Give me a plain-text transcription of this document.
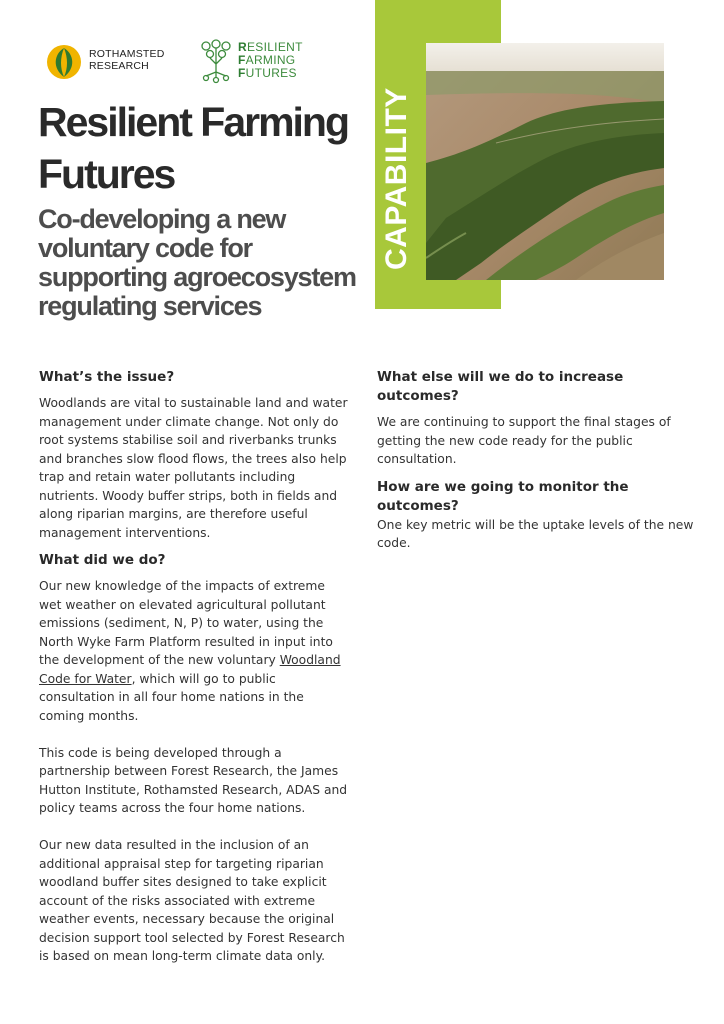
ROTHAMSTED
RESEARCH
RESILIENT
FARMING
FUTURES
CAPABILITY
Resilient Farming Futures
Co-developing a new voluntary code for supporting agroecosystem regulating services
What’s the issue?

Woodlands are vital to sustainable land and water management under climate change. Not only do root systems stabilise soil and riverbanks trunks and branches slow flood flows, the trees also help trap and retain water pollutants including nutrients. Woody buffer strips, both in fields and along riparian margins, are therefore useful management interventions.

What did we do?

Our new knowledge of the impacts of extreme wet weather on elevated agricultural pollutant emissions (sediment, N, P) to water, using the North Wyke Farm Platform resulted in input into the development of the new voluntary Woodland Code for Water, which will go to public consultation in all four home nations in the coming months.

This code is being developed through a partnership between Forest Research, the James Hutton Institute, Rothamsted Research, ADAS and policy teams across the four home nations.

Our new data resulted in the inclusion of an additional appraisal step for targeting riparian woodland buffer sites designed to take explicit account of the risks associated with extreme weather events, necessary because the original decision support tool selected by Forest Research is based on mean long-term climate data only.

What else will we do to increase outcomes?

We are continuing to support the final stages of getting the new code ready for the public consultation.

How are we going to monitor the outcomes?

One key metric will be the uptake levels of the new code.
